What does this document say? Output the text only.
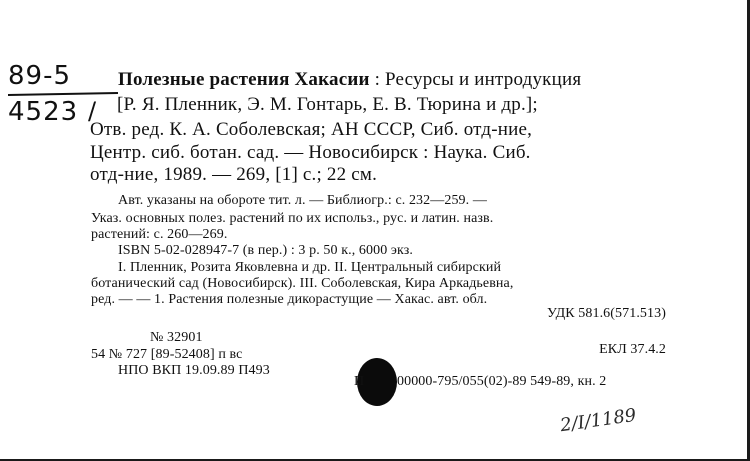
89-5
4523 /
Полезные растения Хакасии : Ресурсы и интродукция
[Р. Я. Пленник, Э. М. Гонтарь, Е. В. Тюрина и др.];
Отв. ред. К. А. Соболевская; АН СССР, Сиб. отд-ние,
Центр. сиб. ботан. сад. — Новосибирск : Наука. Сиб.
отд-ние, 1989. — 269, [1] с.; 22 см.
Авт. указаны на обороте тит. л. — Библиогр.: с. 232—259. —
Указ. основных полез. растений по их использ., рус. и латин. назв.
растений: с. 260—269.
ISBN 5-02-028947-7 (в пер.) : 3 р. 50 к., 6000 экз.
I. Пленник, Розита Яковлевна и др. II. Центральный сибирский
ботанический сад (Новосибирск). III. Соболевская, Кира Аркадьевна,
ред. — — 1. Растения полезные дикорастущие — Хакас. авт. обл.
УДК 581.6(571.513)
№ 32901
54 № 727 [89-52408] п вс
НПО ВКП 19.09.89 П493
ЕКЛ 37.4.2
П 00000-795/055(02)-89 549-89, кн. 2
2/I/1189
